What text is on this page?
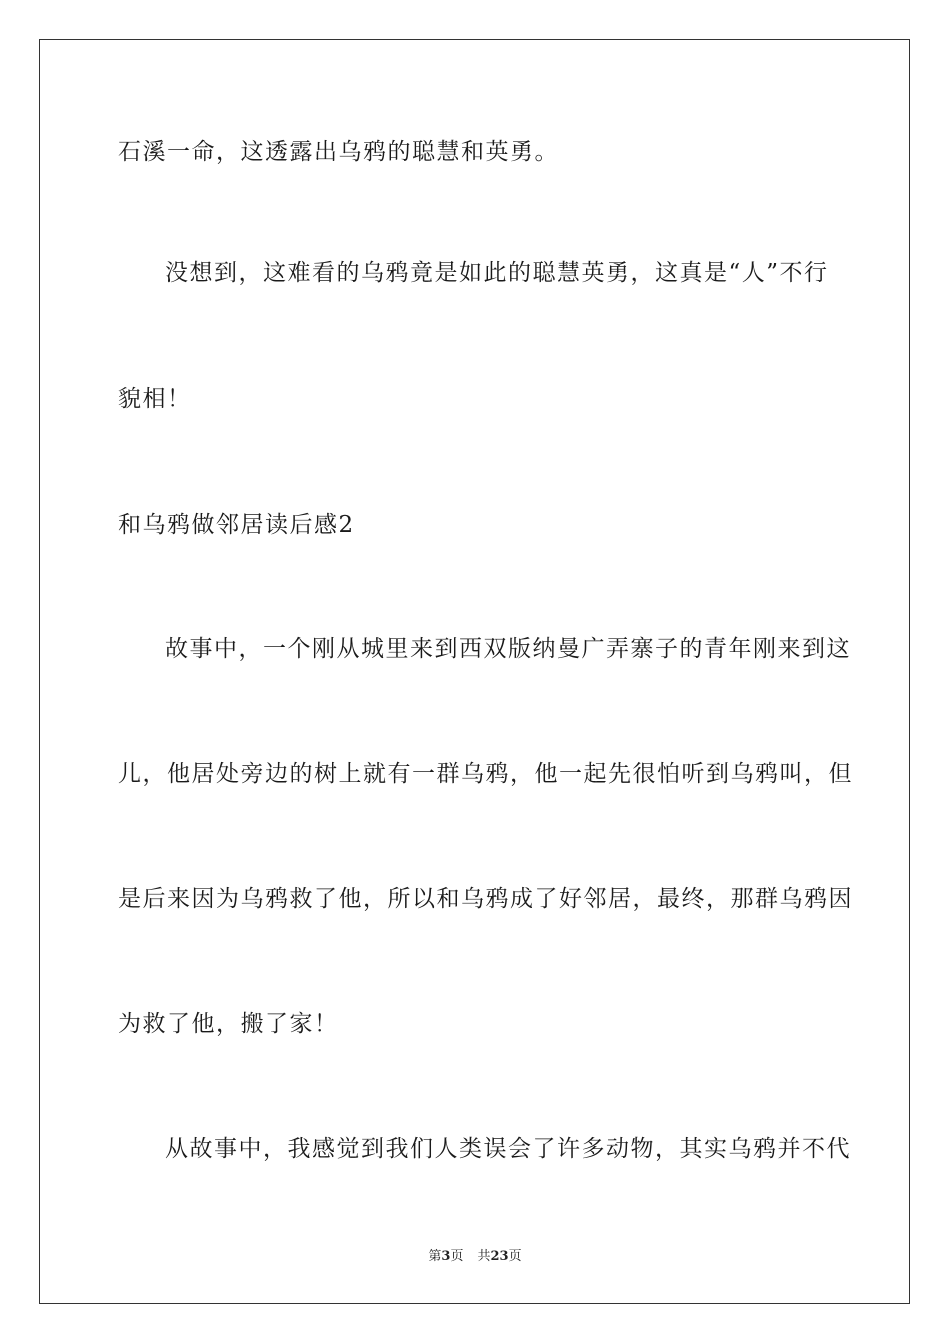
石溪一命，这透露出乌鸦的聪慧和英勇。
没想到，这难看的乌鸦竟是如此的聪慧英勇，这真是“人”不行
貌相！
和乌鸦做邻居读后感2
故事中，一个刚从城里来到西双版纳曼广弄寨子的青年刚来到这
儿，他居处旁边的树上就有一群乌鸦，他一起先很怕听到乌鸦叫，但
是后来因为乌鸦救了他，所以和乌鸦成了好邻居，最终，那群乌鸦因
为救了他，搬了家！
从故事中，我感觉到我们人类误会了许多动物，其实乌鸦并不代
第3页 共23页
